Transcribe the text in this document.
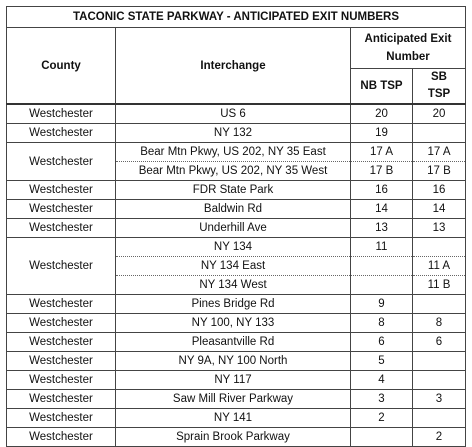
TACONIC STATE PARKWAY - ANTICIPATED EXIT NUMBERS			
County	Interchange	Anticipated Exit Number	
		NB TSP	SB
TSP

Westchester	US 6	20	20
Westchester	NY 132	19	
Westchester	Bear Mtn Pkwy, US 202, NY 35 East	17 A	17 A
	Bear Mtn Pkwy, US 202, NY 35 West	17 B	17 B
Westchester	FDR State Park	16	16
Westchester	Baldwin Rd	14	14
Westchester	Underhill Ave	13	13
Westchester	NY 134	11	
	NY 134 East		11 A
	NY 134 West		11 B
Westchester	Pines Bridge Rd	9	
Westchester	NY 100, NY 133	8	8
Westchester	Pleasantville Rd	6	6
Westchester	NY 9A, NY 100 North	5	
Westchester	NY 117	4	
Westchester	Saw Mill River Parkway	3	3
Westchester	NY 141	2	
Westchester	Sprain Brook Parkway		2
